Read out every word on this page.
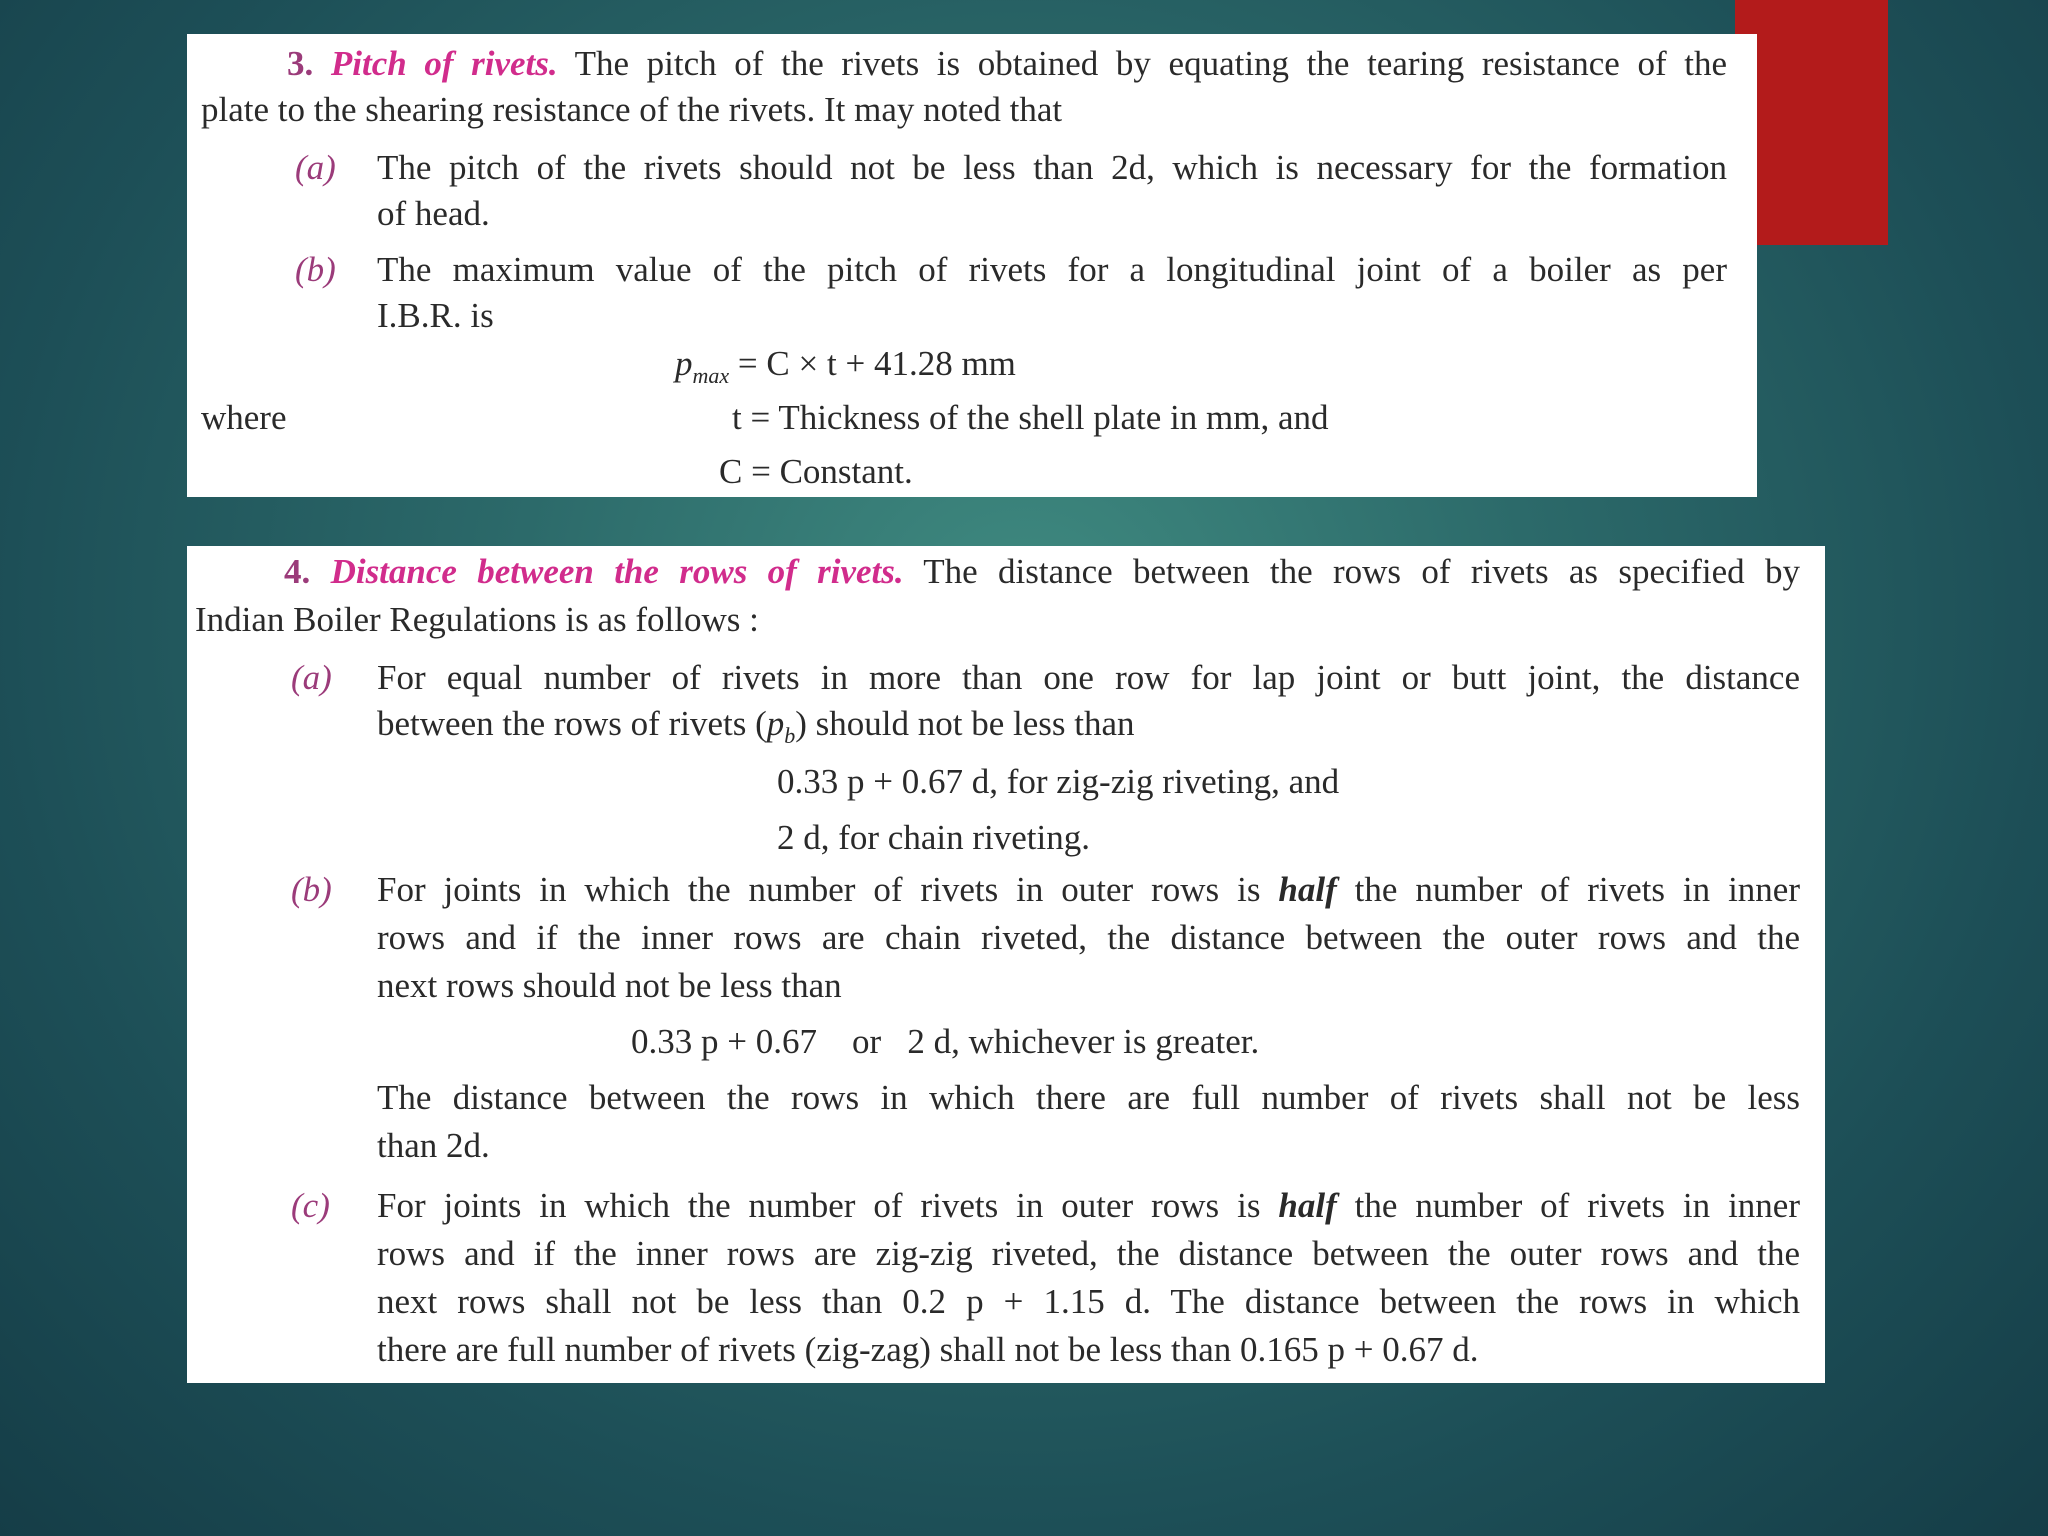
3. Pitch of rivets. The pitch of the rivets is obtained by equating the tearing resistance of the
plate to the shearing resistance of the rivets. It may noted that
(a) The pitch of the rivets should not be less than 2d, which is necessary for the formation
of head.
(b) The maximum value of the pitch of rivets for a longitudinal joint of a boiler as per
I.B.R. is
$p_{max} = C \times t + 41.28$ mm
where	t = Thickness of the shell plate in mm, and
C = Constant.
4. Distance between the rows of rivets. The distance between the rows of rivets as specified by
Indian Boiler Regulations is as follows :
(a) For equal number of rivets in more than one row for lap joint or butt joint, the distance
between the rows of rivets $(p_b)$ should not be less than
0.33 p + 0.67 d, for zig-zig riveting, and
2 d, for chain riveting.
(b) For joints in which the number of rivets in outer rows is half the number of rivets in inner
rows and if the inner rows are chain riveted, the distance between the outer rows and the
next rows should not be less than
0.33 p + 0.67    or   2 d, whichever is greater.
The distance between the rows in which there are full number of rivets shall not be less
than 2d.
(c) For joints in which the number of rivets in outer rows is half the number of rivets in inner
rows and if the inner rows are zig-zig riveted, the distance between the outer rows and the
next rows shall not be less than 0.2 p + 1.15 d. The distance between the rows in which
there are full number of rivets (zig-zag) shall not be less than 0.165 p + 0.67 d.
